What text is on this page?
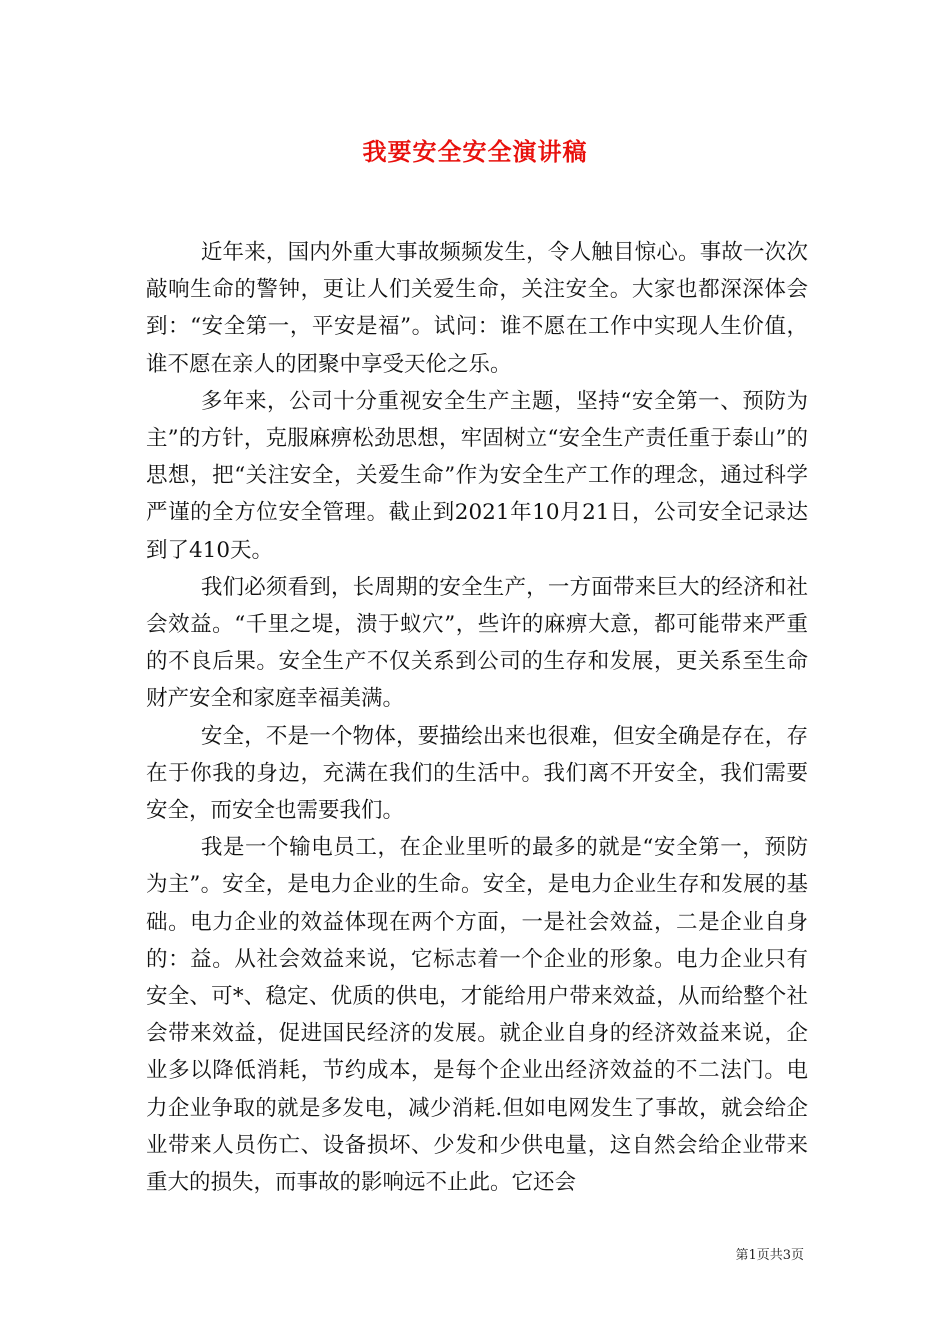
我要安全安全演讲稿

近年来，国内外重大事故频频发生，令人触目惊心。事故一次次敲响生命的警钟，更让人们关爱生命，关注安全。大家也都深深体会到：“安全第一，平安是福”。试问：谁不愿在工作中实现人生价值，谁不愿在亲人的团聚中享受天伦之乐。

多年来，公司十分重视安全生产主题，坚持“安全第一、预防为主”的方针，克服麻痹松劲思想，牢固树立“安全生产责任重于泰山”的思想，把“关注安全，关爱生命”作为安全生产工作的理念，通过科学严谨的全方位安全管理。截止到2021年10月21日，公司安全记录达到了410天。

我们必须看到，长周期的安全生产，一方面带来巨大的经济和社会效益。“千里之堤，溃于蚁穴”，些许的麻痹大意，都可能带来严重的不良后果。安全生产不仅关系到公司的生存和发展，更关系至生命财产安全和家庭幸福美满。

安全，不是一个物体，要描绘出来也很难，但安全确是存在，存在于你我的身边，充满在我们的生活中。我们离不开安全，我们需要安全，而安全也需要我们。

我是一个输电员工，在企业里听的最多的就是“安全第一，预防为主”。安全，是电力企业的生命。安全，是电力企业生存和发展的基础。电力企业的效益体现在两个方面，一是社会效益，二是企业自身的：益。从社会效益来说，它标志着一个企业的形象。电力企业只有安全、可*、稳定、优质的供电，才能给用户带来效益，从而给整个社会带来效益，促进国民经济的发展。就企业自身的经济效益来说，企业多以降低消耗，节约成本，是每个企业出经济效益的不二法门。电力企业争取的就是多发电，减少消耗.但如电网发生了事故，就会给企业带来人员伤亡、设备损坏、少发和少供电量，这自然会给企业带来重大的损失，而事故的影响远不止此。它还会

第1页共3页
